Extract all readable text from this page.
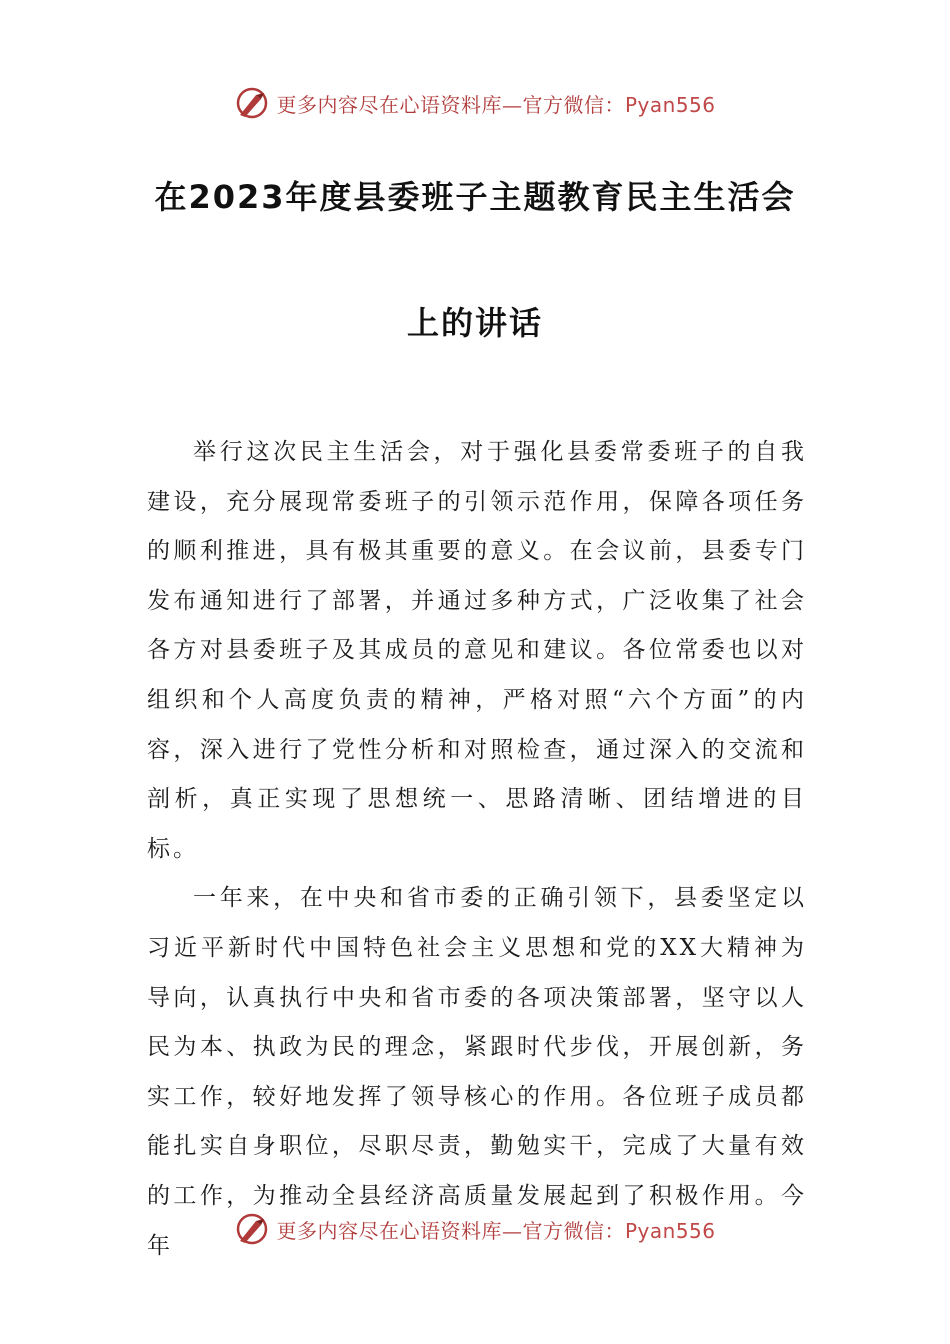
更多内容尽在心语资料库—官方微信：Pyan556
在2023年度县委班子主题教育民主生活会
上的讲话

举行这次民主生活会，对于强化县委常委班子的自我建设，充分展现常委班子的引领示范作用，保障各项任务的顺利推进，具有极其重要的意义。在会议前，县委专门发布通知进行了部署，并通过多种方式，广泛收集了社会各方对县委班子及其成员的意见和建议。各位常委也以对组织和个人高度负责的精神，严格对照“六个方面”的内容，深入进行了党性分析和对照检查，通过深入的交流和剖析，真正实现了思想统一、思路清晰、团结增进的目标。

一年来，在中央和省市委的正确引领下，县委坚定以习近平新时代中国特色社会主义思想和党的XX大精神为导向，认真执行中央和省市委的各项决策部署，坚守以人民为本、执政为民的理念，紧跟时代步伐，开展创新，务实工作，较好地发挥了领导核心的作用。各位班子成员都能扎实自身职位，尽职尽责，勤勉实干，完成了大量有效的工作，为推动全县经济高质量发展起到了积极作用。今年

更多内容尽在心语资料库—官方微信：Pyan556
